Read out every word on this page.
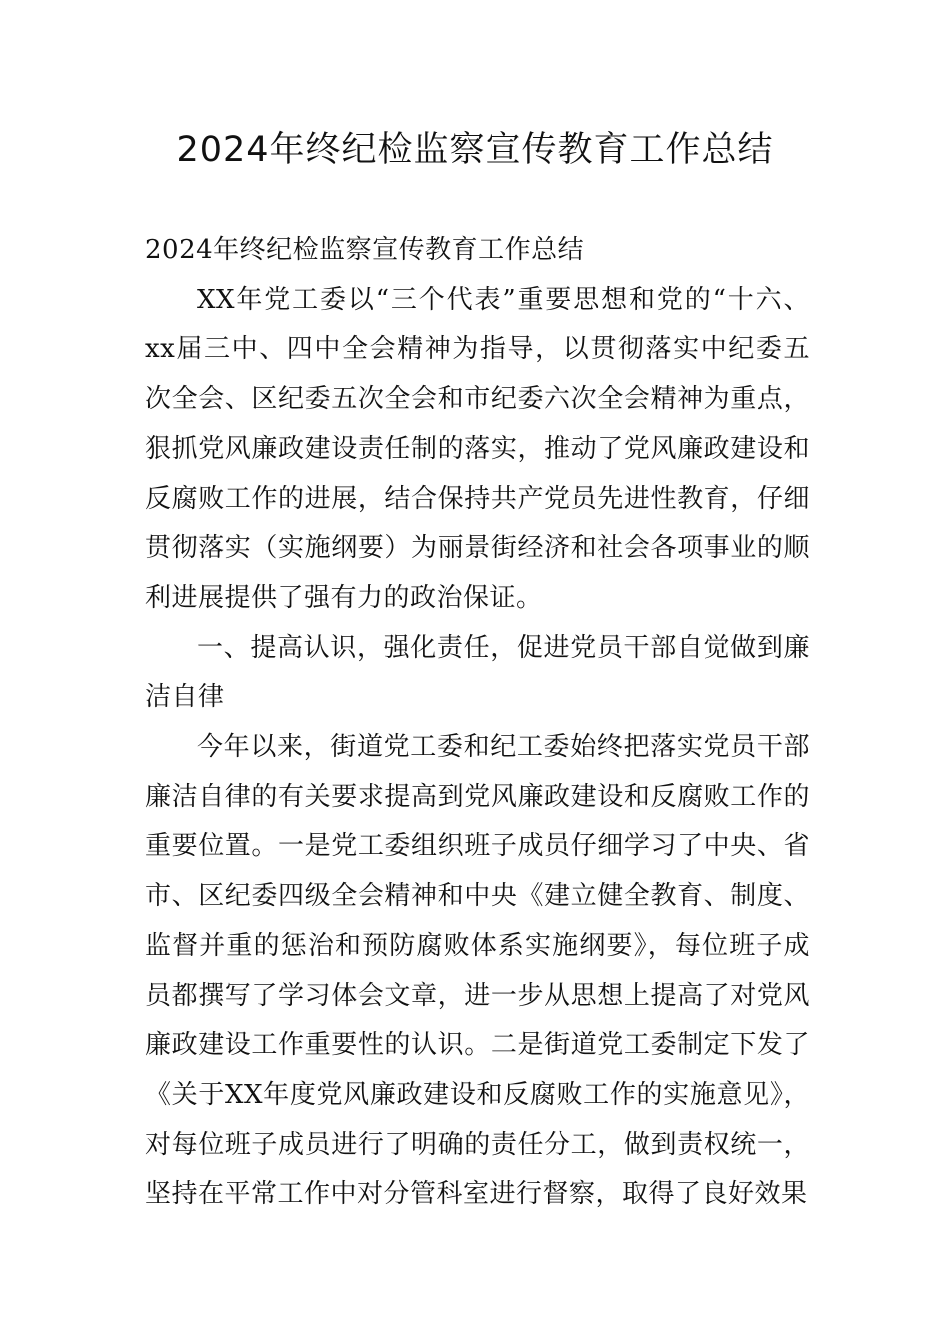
2024年终纪检监察宣传教育工作总结

2024年终纪检监察宣传教育工作总结

XX年党工委以“三个代表”重要思想和党的“十六、xx届三中、四中全会精神为指导，以贯彻落实中纪委五次全会、区纪委五次全会和市纪委六次全会精神为重点，狠抓党风廉政建设责任制的落实，推动了党风廉政建设和反腐败工作的进展，结合保持共产党员先进性教育，仔细贯彻落实（实施纲要）为丽景街经济和社会各项事业的顺利进展提供了强有力的政治保证。

一、提高认识，强化责任，促进党员干部自觉做到廉洁自律

今年以来，街道党工委和纪工委始终把落实党员干部廉洁自律的有关要求提高到党风廉政建设和反腐败工作的重要位置。一是党工委组织班子成员仔细学习了中央、省市、区纪委四级全会精神和中央《建立健全教育、制度、监督并重的惩治和预防腐败体系实施纲要》，每位班子成员都撰写了学习体会文章，进一步从思想上提高了对党风廉政建设工作重要性的认识。二是街道党工委制定下发了《关于XX年度党风廉政建设和反腐败工作的实施意见》，对每位班子成员进行了明确的责任分工，做到责权统一，坚持在平常工作中对分管科室进行督察，取得了良好效果
